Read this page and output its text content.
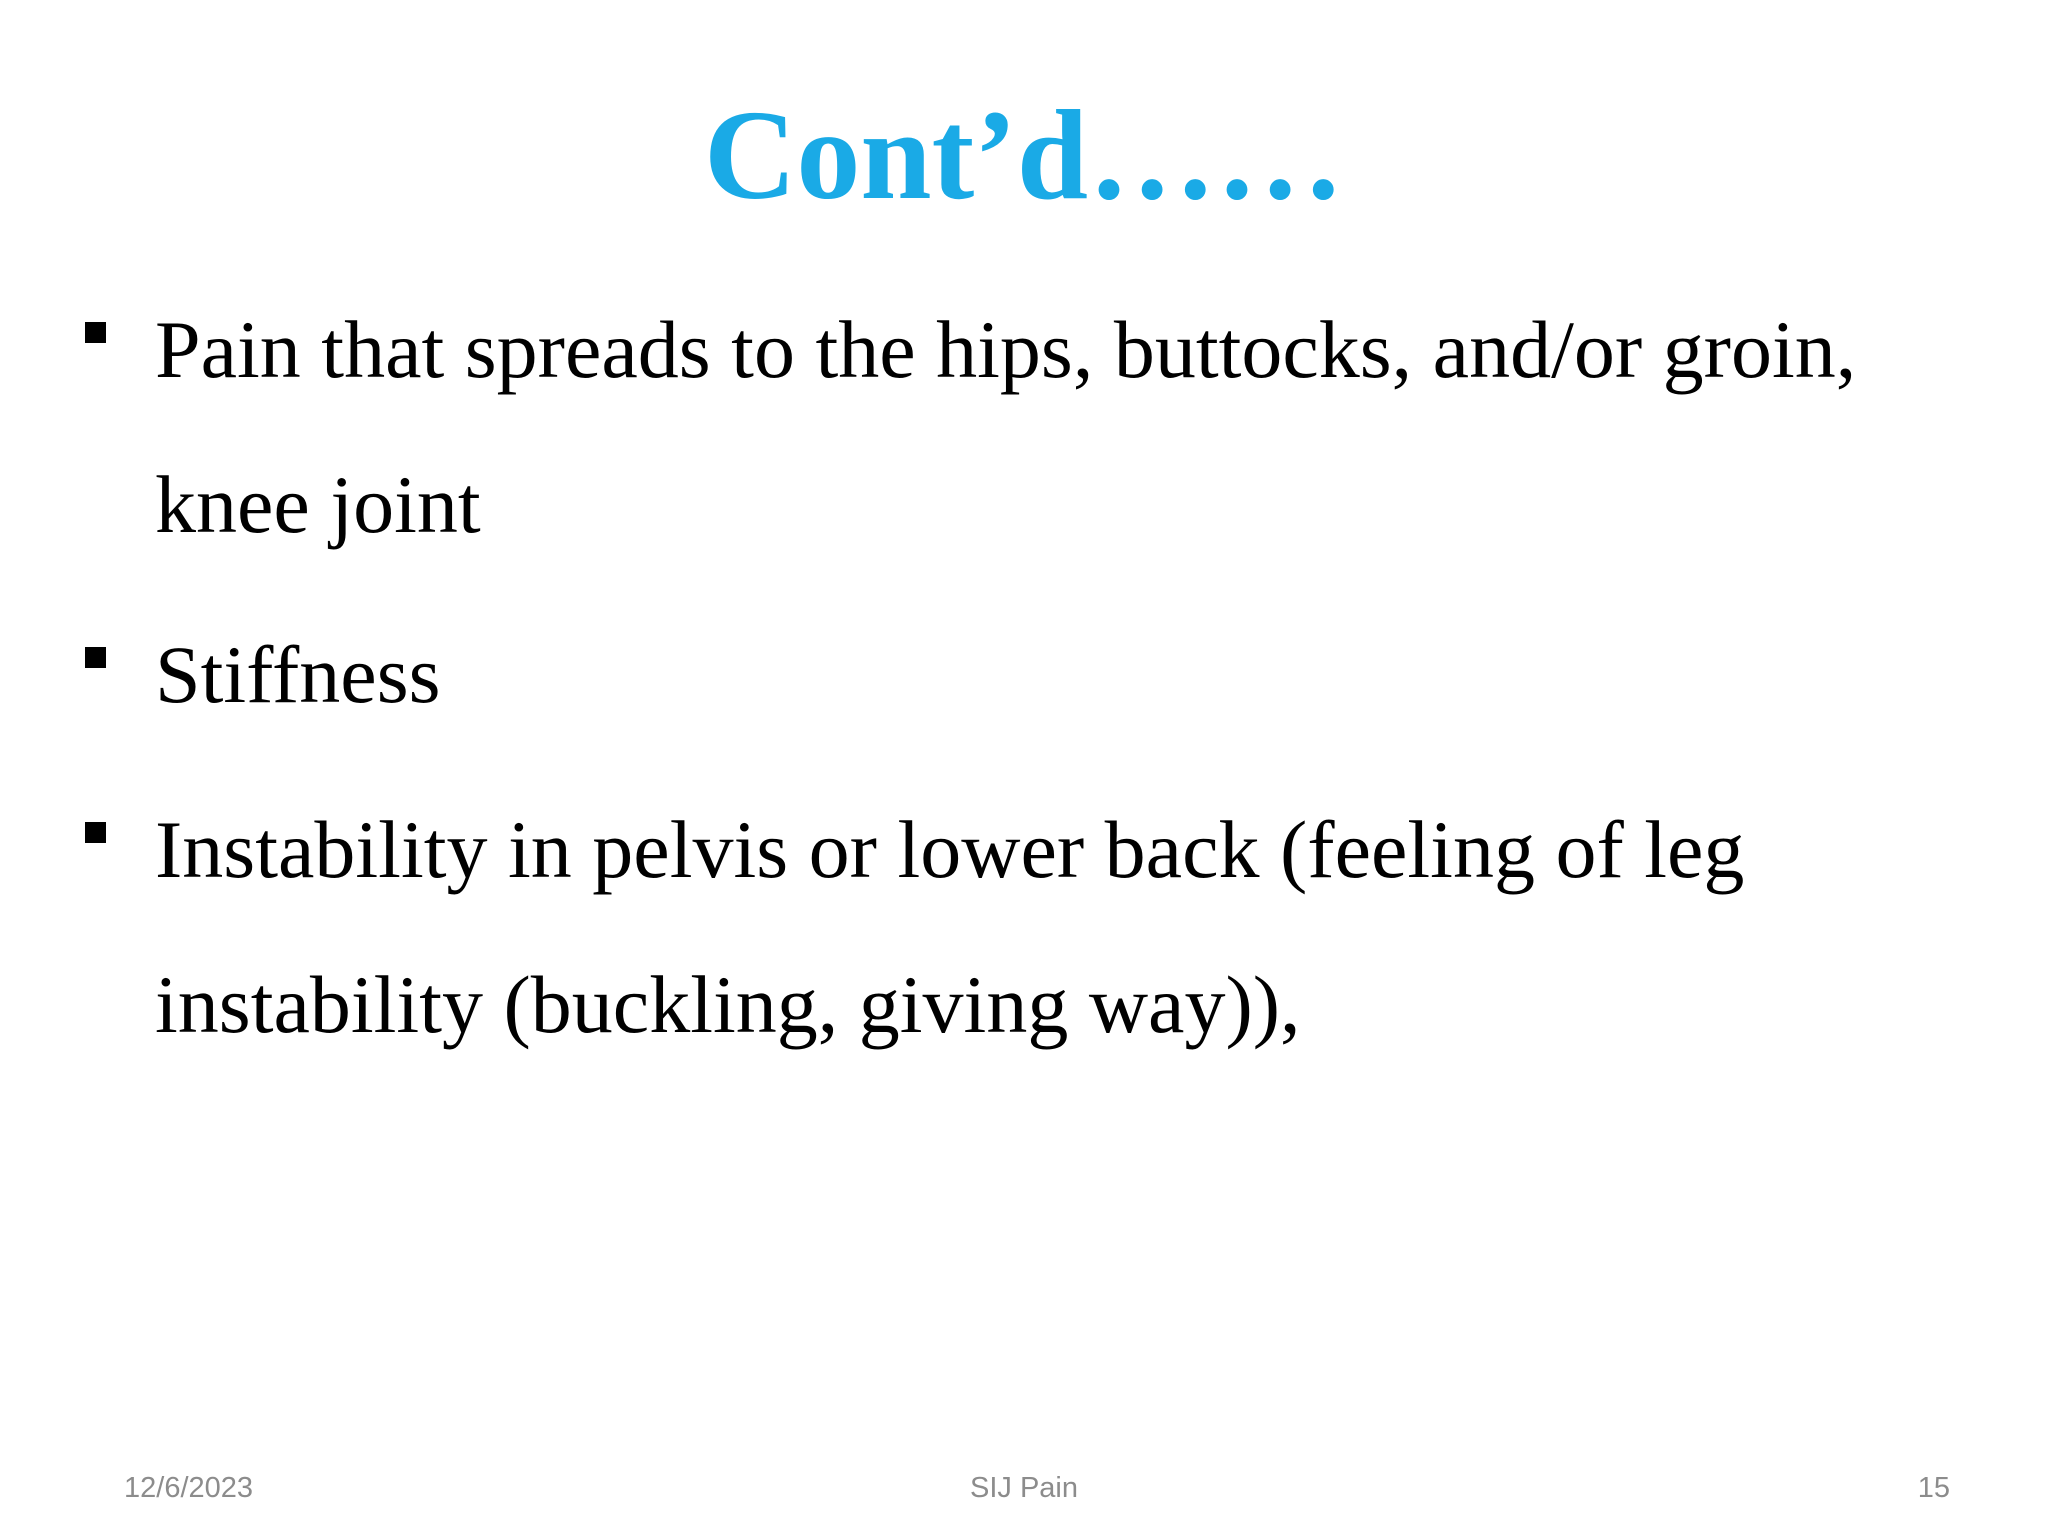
Cont’d……
Pain that spreads to the hips, buttocks, and/or groin,
knee joint
Stiffness
Instability in pelvis or lower back (feeling of leg
instability (buckling, giving way)),
12/6/2023	SIJ Pain	15
